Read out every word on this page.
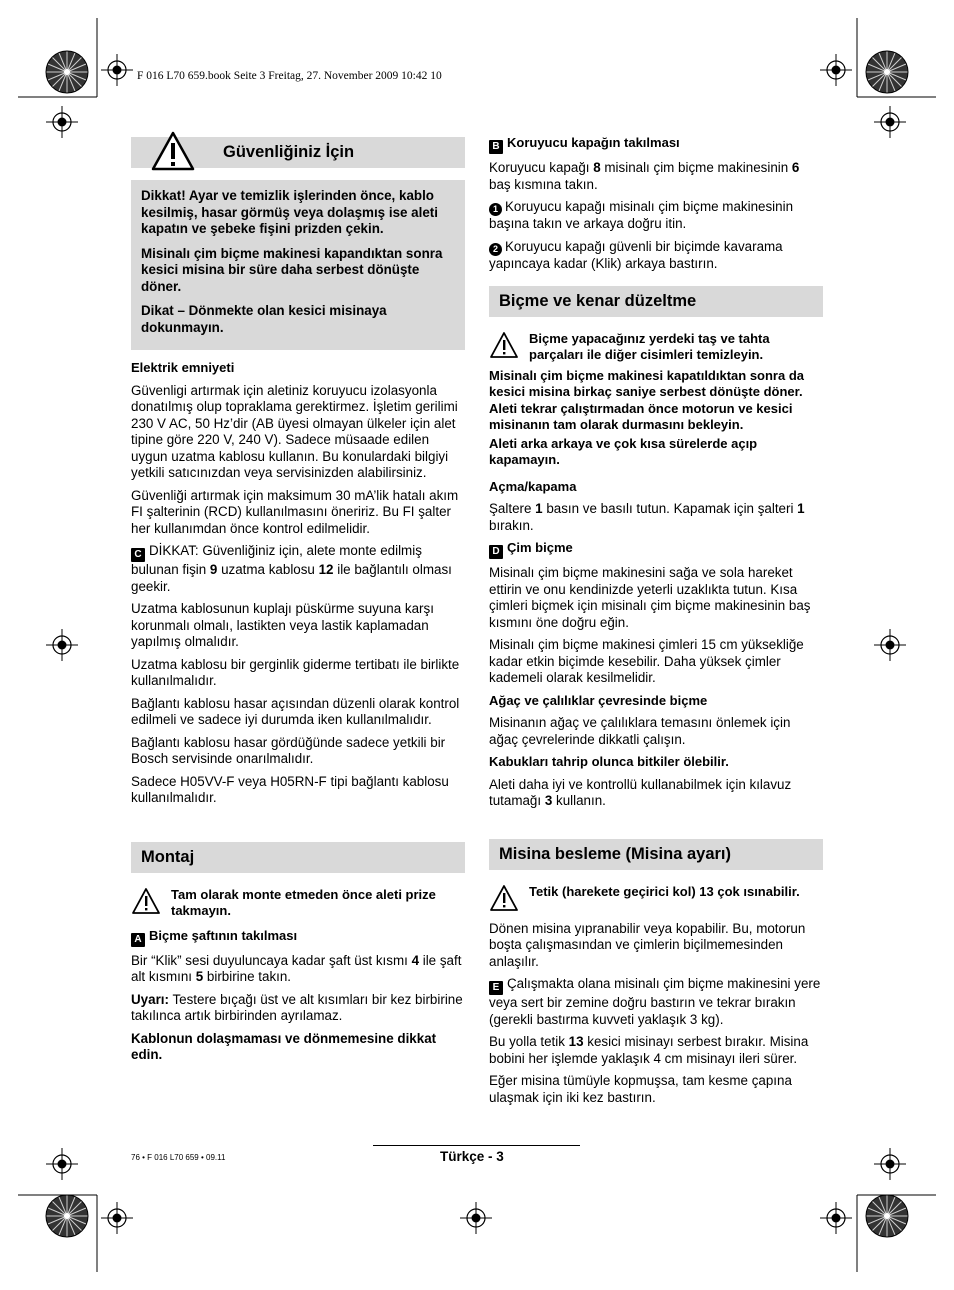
F 016 L70 659.book Seite 3 Freitag, 27. November 2009 10:42 10
Güvenliğiniz İçin

Dikkat! Ayar ve temizlik işlerinden önce, kablo kesilmiş, hasar görmüş veya dolaşmış ise aleti kapatın ve şebeke fişini prizden çekin.

Misinalı çim biçme makinesi kapandıktan sonra kesici misina bir süre daha serbest dönüşte döner.

Dikat – Dönmekte olan kesici misinaya dokunmayın.

Elektrik emniyeti

Güvenligi artırmak için aletiniz koruyucu izolasyonla donatılmış olup topraklama gerektirmez. İşletim gerilimi 230 V AC, 50 Hz’dir (AB üyesi olmayan ülkeler için alet tipine göre 220 V, 240 V). Sadece müsaade edilen uygun uzatma kablosu kullanın. Bu konulardaki bilgiyi yetkili satıcınızdan veya servisinizden alabilirsiniz.

Güvenliği artırmak için maksimum 30 mA’lik hatalı akım FI şalterinin (RCD) kullanılmasını öneririz. Bu FI şalter her kullanımdan önce kontrol edilmelidir.

C DİKKAT: Güvenliğiniz için, alete monte edilmiş bulunan fişin 9 uzatma kablosu 12 ile bağlantılı olması geekir.

Uzatma kablosunun kuplajı püskürme suyuna karşı korunmalı olmalı, lastikten veya lastik kaplamadan yapılmış olmalıdır.

Uzatma kablosu bir gerginlik giderme tertibatı ile birlikte kullanılmalıdır.

Bağlantı kablosu hasar açısından düzenli olarak kontrol edilmeli ve sadece iyi durumda iken kullanılmalıdır.

Bağlantı kablosu hasar gördüğünde sadece yetkili bir Bosch servisinde onarılmalıdır.

Sadece H05VV-F veya H05RN-F tipi bağlantı kablosu kullanılmalıdır.

Montaj
Tam olarak monte etmeden önce aleti prize takmayın.
A Biçme şaftının takılması

Bir “Klik” sesi duyuluncaya kadar şaft üst kısmı 4 ile şaft alt kısmını 5 birbirine takın.

Uyarı: Testere bıçağı üst ve alt kısımları bir kez birbirine takılınca artık birbirinden ayrılamaz.

Kablonun dolaşmaması ve dönmemesine dikkat edin.

B Koruyucu kapağın takılması

Koruyucu kapağı 8 misinalı çim biçme makinesinin 6 baş kısmına takın.

1 Koruyucu kapağı misinalı çim biçme makinesinin başına takın ve arkaya doğru itin.

2 Koruyucu kapağı güvenli bir biçimde kavarama yapıncaya kadar (Klik) arkaya bastırın.

Biçme ve kenar düzeltme
Biçme yapacağınız yerdeki taş ve tahta parçaları ile diğer cisimleri temizleyin.

Misinalı çim biçme makinesi kapatıldıktan sonra da kesici misina birkaç saniye serbest dönüşte döner. Aleti tekrar çalıştırmadan önce motorun ve kesici misinanın tam olarak durmasını bekleyin.

Aleti arka arkaya ve çok kısa sürelerde açıp kapamayın.

Açma/kapama

Şaltere 1 basın ve basılı tutun. Kapamak için şalteri 1 bırakın.

D Çim biçme

Misinalı çim biçme makinesini sağa ve sola hareket ettirin ve onu kendinizde yeterli uzaklıkta tutun. Kısa çimleri biçmek için misinalı çim biçme makinesinin baş kısmını öne doğru eğin.

Misinalı çim biçme makinesi çimleri 15 cm yüksekliğe kadar etkin biçimde kesebilir. Daha yüksek çimler kademeli olarak kesilmelidir.

Ağaç ve çalılıklar çevresinde biçme

Misinanın ağaç ve çalılıklara temasını önlemek için ağaç çevrelerinde dikkatli çalışın.

Kabukları tahrip olunca bitkiler ölebilir.

Aleti daha iyi ve kontrollü kullanabilmek için kılavuz tutamağı 3 kullanın.

Misina besleme (Misina ayarı)
Tetik (harekete geçirici kol) 13 çok ısınabilir.

Dönen misina yıpranabilir veya kopabilir. Bu, motorun boşta çalışmasından ve çimlerin biçilmemesinden anlaşılır.

E Çalışmakta olana misinalı çim biçme makinesini yere veya sert bir zemine doğru bastırın ve tekrar bırakın (gerekli bastırma kuvveti yaklaşık 3 kg).

Bu yolla tetik 13 kesici misinayı serbest bırakır. Misina bobini her işlemde yaklaşık 4 cm misinayı ileri sürer.

Eğer misina tümüyle kopmuşsa, tam kesme çapına ulaşmak için iki kez bastırın.

76 • F 016 L70 659 • 09.11	Türkçe - 3
